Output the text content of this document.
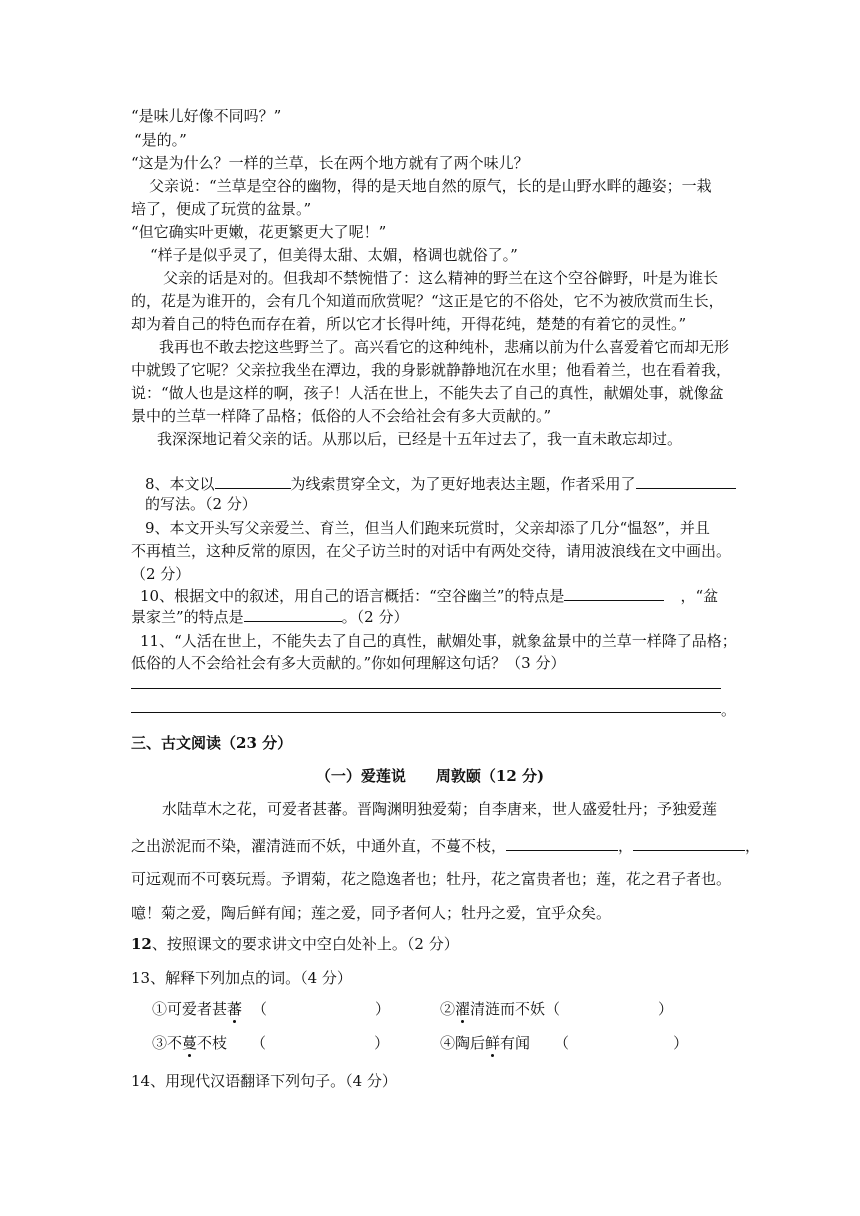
“是味儿好像不同吗？”
“是的。”
“这是为什么？一样的兰草，长在两个地方就有了两个味儿？
父亲说：“兰草是空谷的幽物，得的是天地自然的原气，长的是山野水畔的趣姿；一栽
培了，便成了玩赏的盆景。”
“但它确实叶更嫩，花更繁更大了呢！”
“样子是似乎灵了，但美得太甜、太媚，格调也就俗了。”
父亲的话是对的。但我却不禁惋惜了：这么精神的野兰在这个空谷僻野，叶是为谁长
的，花是为谁开的，会有几个知道而欣赏呢？“这正是它的不俗处，它不为被欣赏而生长，
却为着自己的特色而存在着，所以它才长得叶纯，开得花纯，楚楚的有着它的灵性。”
我再也不敢去挖这些野兰了。高兴看它的这种纯朴，悲痛以前为什么喜爱着它而却无形
中就毁了它呢？父亲拉我坐在潭边，我的身影就静静地沉在水里；他看着兰，也在看着我，
说：“做人也是这样的啊，孩子！人活在世上，不能失去了自己的真性，献媚处事，就像盆
景中的兰草一样降了品格；低俗的人不会给社会有多大贡献的。”
我深深地记着父亲的话。从那以后，已经是十五年过去了，我一直未敢忘却过。
8、本文以	为线索贯穿全文，为了更好地表达主题，作者采用了
的写法。（2 分）
9、本文开头写父亲爱兰、育兰，但当人们跑来玩赏时，父亲却添了几分“愠怒”，并且
不再植兰，这种反常的原因，在父子访兰时的对话中有两处交待，请用波浪线在文中画出。
（2 分）
10、根据文中的叙述，用自己的语言概括：“空谷幽兰”的特点是	，“盆
景家兰”的特点是	。（2 分）
11、“人活在世上，不能失去了自己的真性，献媚处事，就象盆景中的兰草一样降了品格；
低俗的人不会给社会有多大贡献的。”你如何理解这句话？（3 分）
。
三、古文阅读（23 分）
（一）爱莲说　　周敦颐（12 分)
水陆草木之花，可爱者甚蕃。晋陶渊明独爱菊；自李唐来，世人盛爱牡丹；予独爱莲
之出淤泥而不染，濯清涟而不妖，中通外直，不蔓不枝，	，	，
可远观而不可亵玩焉。予谓菊，花之隐逸者也；牡丹，花之富贵者也；莲，花之君子者也。
噫！菊之爱，陶后鲜有闻；莲之爱，同予者何人；牡丹之爱，宜乎众矣。
12、按照课文的要求讲文中空白处补上。（2 分）
13、解释下列加点的词。（4 分）
①可爱者甚蕃 （	）	②濯清涟而不妖（	）
③不蔓不枝 （	）	④陶后鲜有闻 （	）
14、用现代汉语翻译下列句子。（4 分）
